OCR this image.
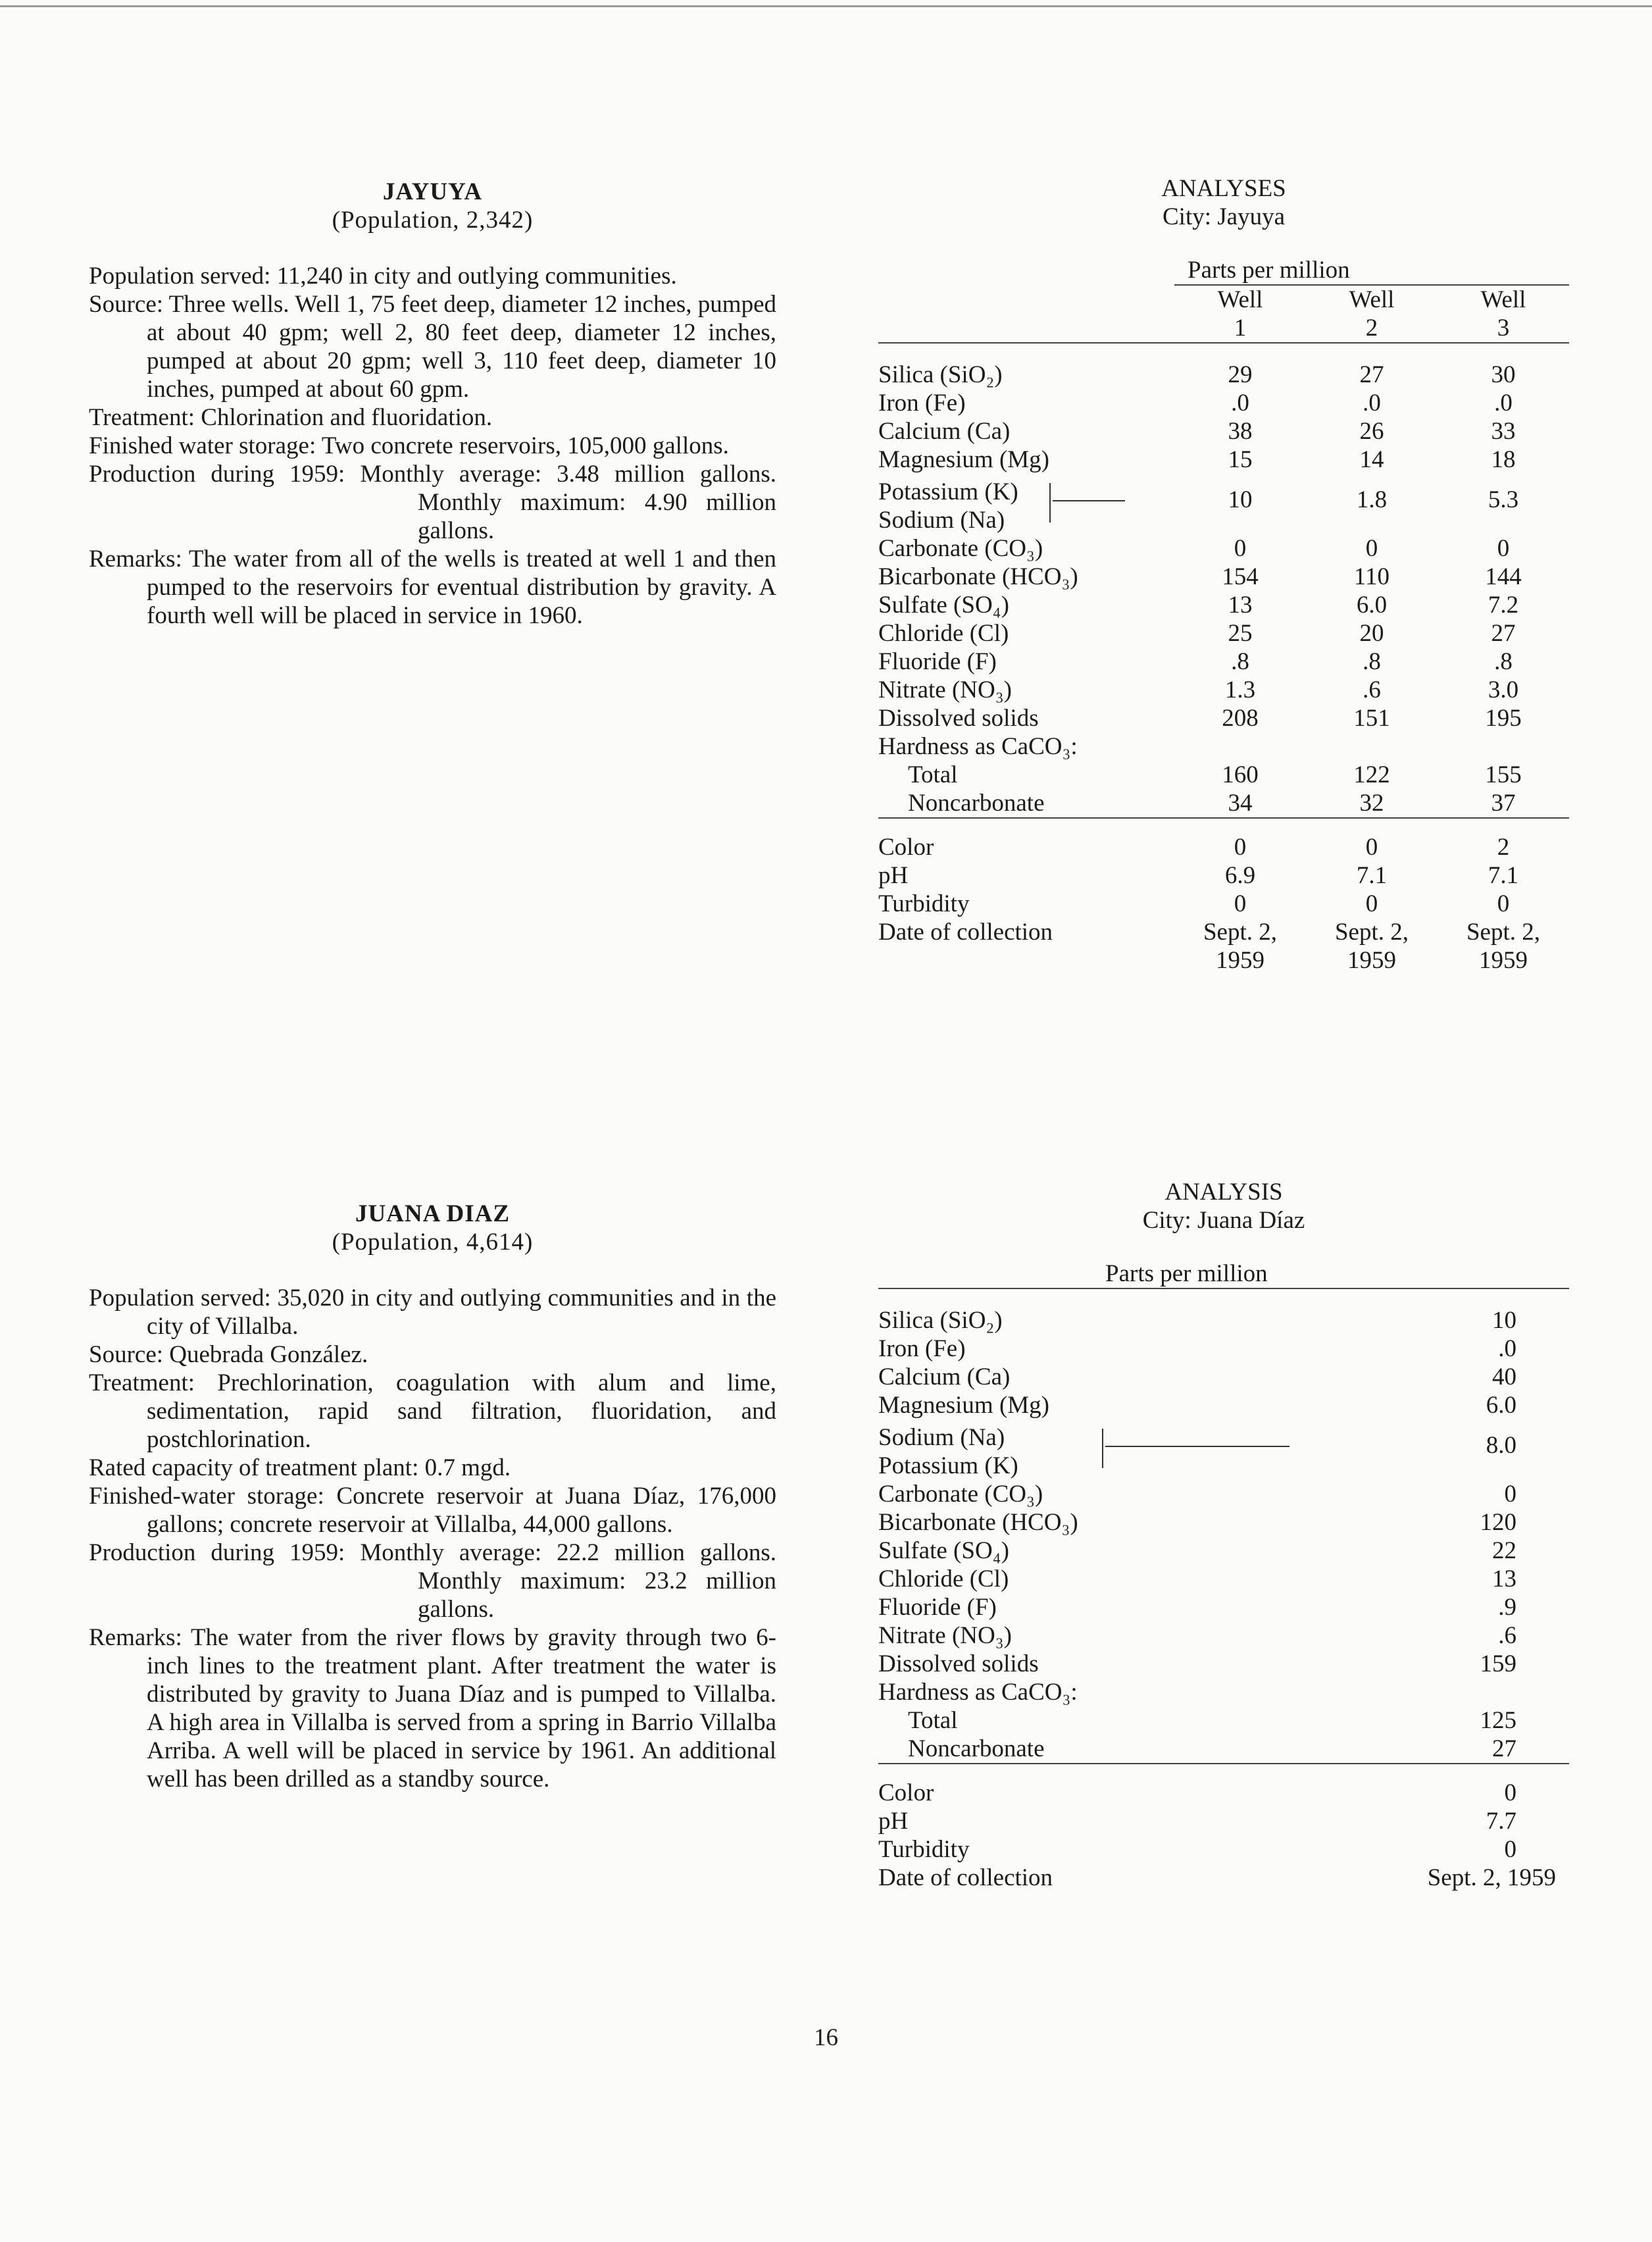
JAYUYA
(Population, 2,342)
Population served: 11,240 in city and outlying communities.
Source: Three wells. Well 1, 75 feet deep, diameter 12 inches, pumped at about 40 gpm; well 2, 80 feet deep, diameter 12 inches, pumped at about 20 gpm; well 3, 110 feet deep, diameter 10 inches, pumped at about 60 gpm.
Treatment: Chlorination and fluoridation.
Finished water storage: Two concrete reservoirs, 105,000 gallons.
Production during 1959: Monthly average: 3.48 million gallons. Monthly maximum: 4.90 million gallons.
Remarks: The water from all of the wells is treated at well 1 and then pumped to the reservoirs for eventual distribution by gravity. A fourth well will be placed in service in 1960.
ANALYSES
City: Jayuya
	Parts per million		
	Well	Well	Well
	1	2	3

Silica (SiO₂)	29	27	30
Iron (Fe)	.0	.0	.0
Calcium (Ca)	38	26	33
Magnesium (Mg)	15	14	18

Potassium (K)
Sodium (Na)	10	1.8	5.3
Carbonate (CO₃)	0	0	0
Bicarbonate (HCO₃)	154	110	144
Sulfate (SO₄)	13	6.0	7.2
Chloride (Cl)	25	20	27
Fluoride (F)	.8	.8	.8
Nitrate (NO₃)	1.3	.6	3.0
Dissolved solids	208	151	195
Hardness as CaCO₃:			
Total	160	122	155
Noncarbonate	34	32	37

Color	0	0	2
pH	6.9	7.1	7.1
Turbidity	0	0	0
Date of collection	Sept. 2,	Sept. 2,	Sept. 2,
	1959	1959	1959
JUANA DIAZ
(Population, 4,614)
Population served: 35,020 in city and outlying communities and in the city of Villalba.
Source: Quebrada González.
Treatment: Prechlorination, coagulation with alum and lime, sedimentation, rapid sand filtration, fluoridation, and postchlorination.
Rated capacity of treatment plant: 0.7 mgd.
Finished-water storage: Concrete reservoir at Juana Díaz, 176,000 gallons; concrete reservoir at Villalba, 44,000 gallons.
Production during 1959: Monthly average: 22.2 million gallons. Monthly maximum: 23.2 million gallons.
Remarks: The water from the river flows by gravity through two 6-inch lines to the treatment plant. After treatment the water is distributed by gravity to Juana Díaz and is pumped to Villalba. A high area in Villalba is served from a spring in Barrio Villalba Arriba. A well will be placed in service by 1961. An additional well has been drilled as a standby source.
ANALYSIS
City: Juana Díaz
Parts per million	

Silica (SiO₂)	10
Iron (Fe)	.0
Calcium (Ca)	40
Magnesium (Mg)	6.0

Sodium (Na)
Potassium (K)	8.0
Carbonate (CO₃)	0
Bicarbonate (HCO₃)	120
Sulfate (SO₄)	22
Chloride (Cl)	13
Fluoride (F)	.9
Nitrate (NO₃)	.6
Dissolved solids	159
Hardness as CaCO₃:	
Total	125
Noncarbonate	27

Color	0
pH	7.7
Turbidity	0
Date of collection	Sept. 2, 1959
16
